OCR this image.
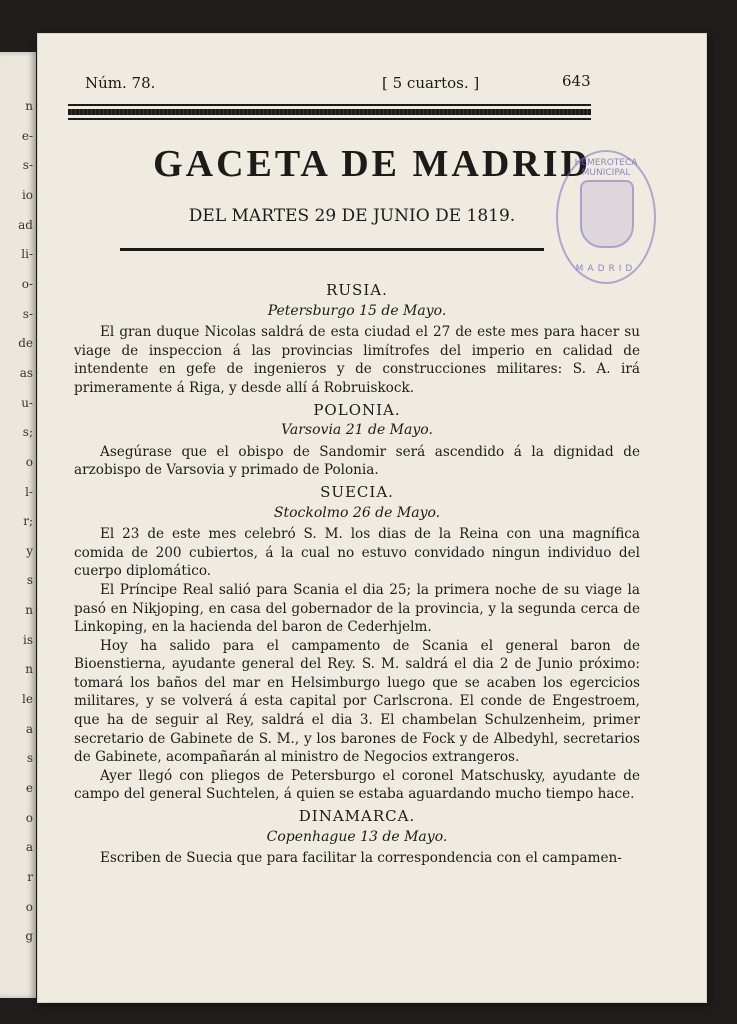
n
e-
s-
io
ad
li-
o-
s-
de
as
u-
s;
o
l-
r;
y
s
n
is
n
le
a
s
e
o
a
r
o
g
Núm. 78.	[ 5 cuartos. ]	643
GACETA DE MADRID
DEL MARTES 29 DE JUNIO DE 1819.
HEMEROTECA MUNICIPAL
MADRID
RUSIA.
Petersburgo 15 de Mayo.

El gran duque Nicolas saldrá de esta ciudad el 27 de este mes para hacer su viage de inspeccion á las provincias limítrofes del imperio en calidad de intendente en gefe de ingenieros y de construcciones militares: S. A. irá primeramente á Riga, y desde allí á Robruiskock.

POLONIA.
Varsovia 21 de Mayo.

Asegúrase que el obispo de Sandomir será ascendido á la dignidad de arzobispo de Varsovia y primado de Polonia.

SUECIA.
Stockolmo 26 de Mayo.

El 23 de este mes celebró S. M. los dias de la Reina con una magnífica comida de 200 cubiertos, á la cual no estuvo convidado ningun individuo del cuerpo diplomático.

El Príncipe Real salió para Scania el dia 25; la primera noche de su viage la pasó en Nikjoping, en casa del gobernador de la provincia, y la segunda cerca de Linkoping, en la hacienda del baron de Cederhjelm.

Hoy ha salido para el campamento de Scania el general baron de Bioenstierna, ayudante general del Rey. S. M. saldrá el dia 2 de Junio próximo: tomará los baños del mar en Helsimburgo luego que se acaben los egercicios militares, y se volverá á esta capital por Carlscrona. El conde de Engestroem, que ha de seguir al Rey, saldrá el dia 3. El chambelan Schulzenheim, primer secretario de Gabinete de S. M., y los barones de Fock y de Albedyhl, secretarios de Gabinete, acompañarán al ministro de Negocios extrangeros.

Ayer llegó con pliegos de Petersburgo el coronel Matschusky, ayudante de campo del general Suchtelen, á quien se estaba aguardando mucho tiempo hace.

DINAMARCA.
Copenhague 13 de Mayo.

Escriben de Suecia que para facilitar la correspondencia con el campamen-
